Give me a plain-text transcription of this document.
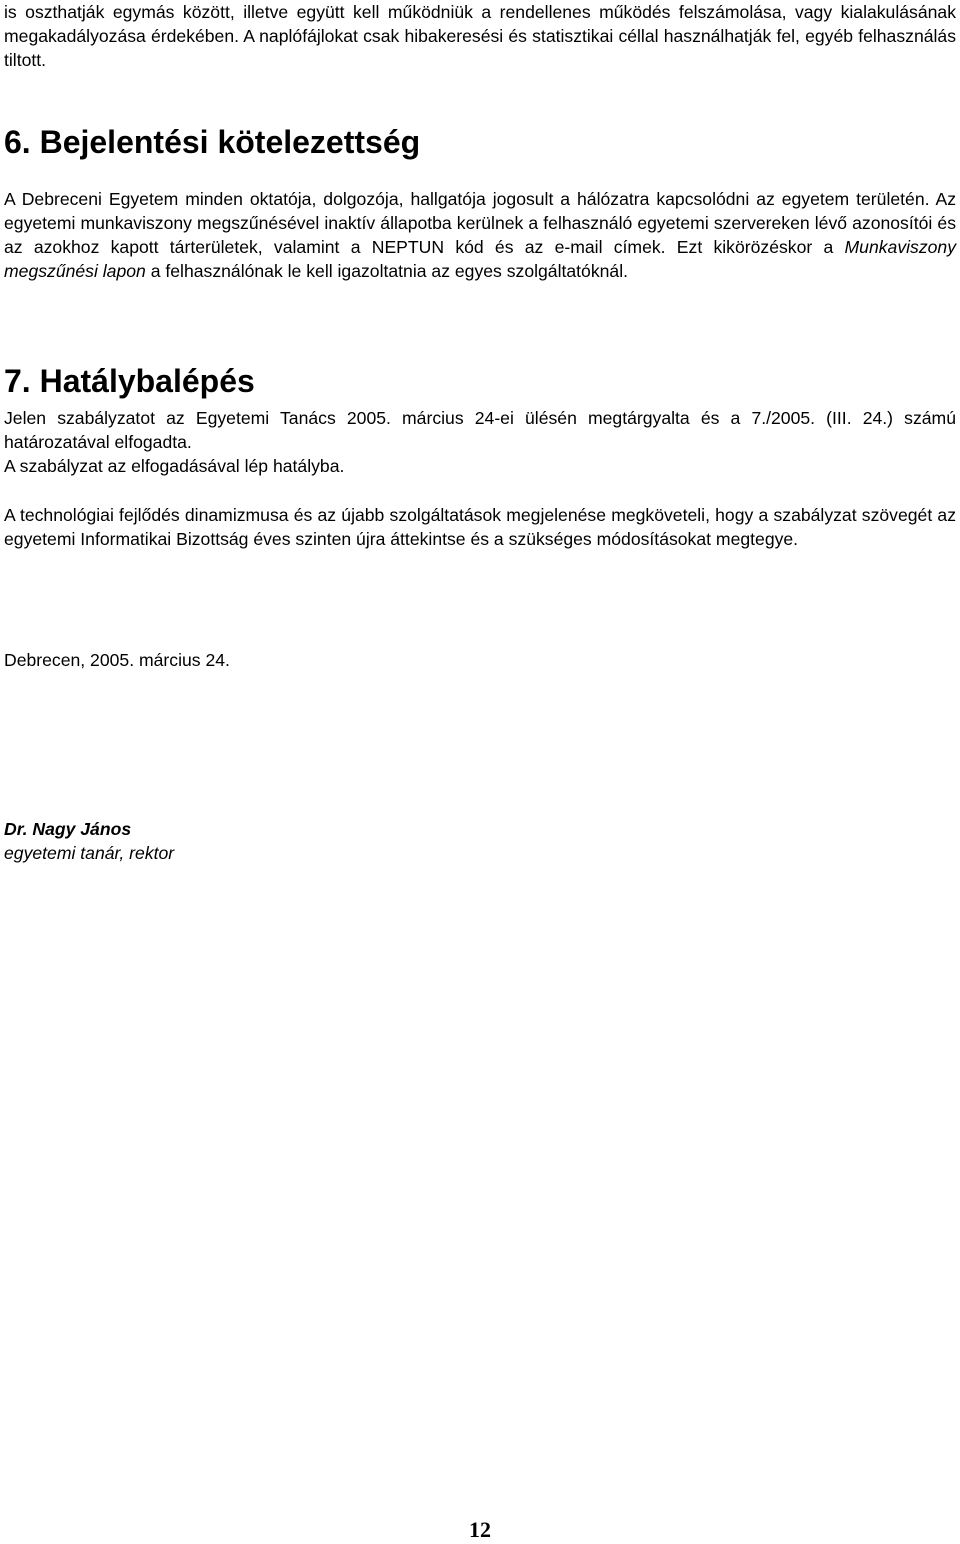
is oszthatják egymás között, illetve együtt kell működniük a rendellenes működés felszámolása, vagy kialakulásának megakadályozása érdekében. A naplófájlokat csak hibakeresési és statisztikai céllal használhatják fel, egyéb felhasználás tiltott.

6. Bejelentési kötelezettség

A Debreceni Egyetem minden oktatója, dolgozója, hallgatója jogosult a hálózatra kapcsolódni az egyetem területén. Az egyetemi munkaviszony megszűnésével inaktív állapotba kerülnek a felhasználó egyetemi szervereken lévő azonosítói és az azokhoz kapott tárterületek, valamint a NEPTUN kód és az e-mail címek. Ezt kikörözéskor a Munkaviszony megszűnési lapon a felhasználónak le kell igazoltatnia az egyes szolgáltatóknál.

7. Hatálybalépés

Jelen szabályzatot az Egyetemi Tanács 2005. március 24-ei ülésén megtárgyalta és a 7./2005. (III. 24.) számú határozatával elfogadta.

A szabályzat az elfogadásával lép hatályba.

A technológiai fejlődés dinamizmusa és az újabb szolgáltatások megjelenése megköveteli, hogy a szabályzat szövegét az egyetemi Informatikai Bizottság éves szinten újra áttekintse és a szükséges módosításokat megtegye.

Debrecen, 2005. március 24.

Dr. Nagy János

egyetemi tanár, rektor

12
